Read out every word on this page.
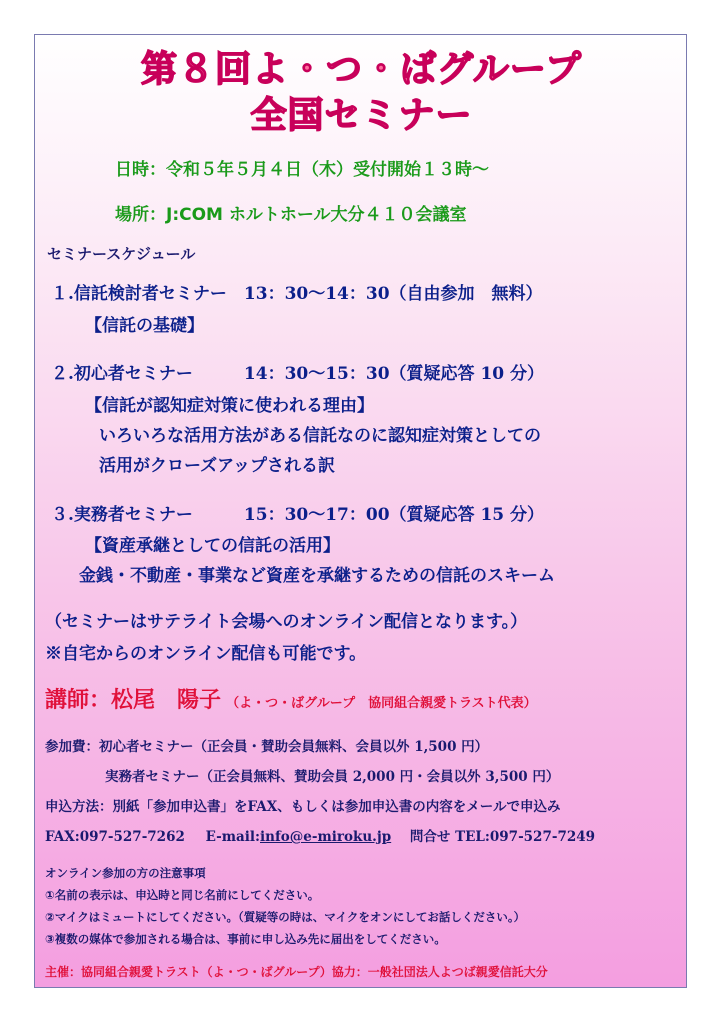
第８回よ・つ・ばグループ
全国セミナー
日時：令和５年５月４日（木）受付開始１３時～
場所：J:COM ホルトホール大分４１０会議室
セミナースケジュール
１.信託検討者セミナー　13：30～14：30（自由参加　無料）
【信託の基礎】
２.初心者セミナー　　　14：30～15：30（質疑応答 10 分）
【信託が認知症対策に使われる理由】
いろいろな活用方法がある信託なのに認知症対策としての
活用がクローズアップされる訳
３.実務者セミナー　　　15：30～17：00（質疑応答 15 分）
【資産承継としての信託の活用】
金銭・不動産・事業など資産を承継するための信託のスキーム
（セミナーはサテライト会場へのオンライン配信となります。）
※自宅からのオンライン配信も可能です。
講師：松尾　陽子 （よ・つ・ばグループ　協同組合親愛トラスト代表）
参加費：初心者セミナー（正会員・賛助会員無料、会員以外 1,500 円）
実務者セミナー（正会員無料、賛助会員 2,000 円・会員以外 3,500 円）
申込方法：別紙「参加申込書」をFAX、もしくは参加申込書の内容をメールで申込み
FAX:097-527-7262 E-mail:info@e-miroku.jp 問合せ TEL:097-527-7249
オンライン参加の方の注意事項
①名前の表示は、申込時と同じ名前にしてください。
②マイクはミュートにしてください。（質疑等の時は、マイクをオンにしてお話しください。）
③複数の媒体で参加される場合は、事前に申し込み先に届出をしてください。
主催：協同組合親愛トラスト（よ・つ・ばグループ）協力：一般社団法人よつば親愛信託大分
